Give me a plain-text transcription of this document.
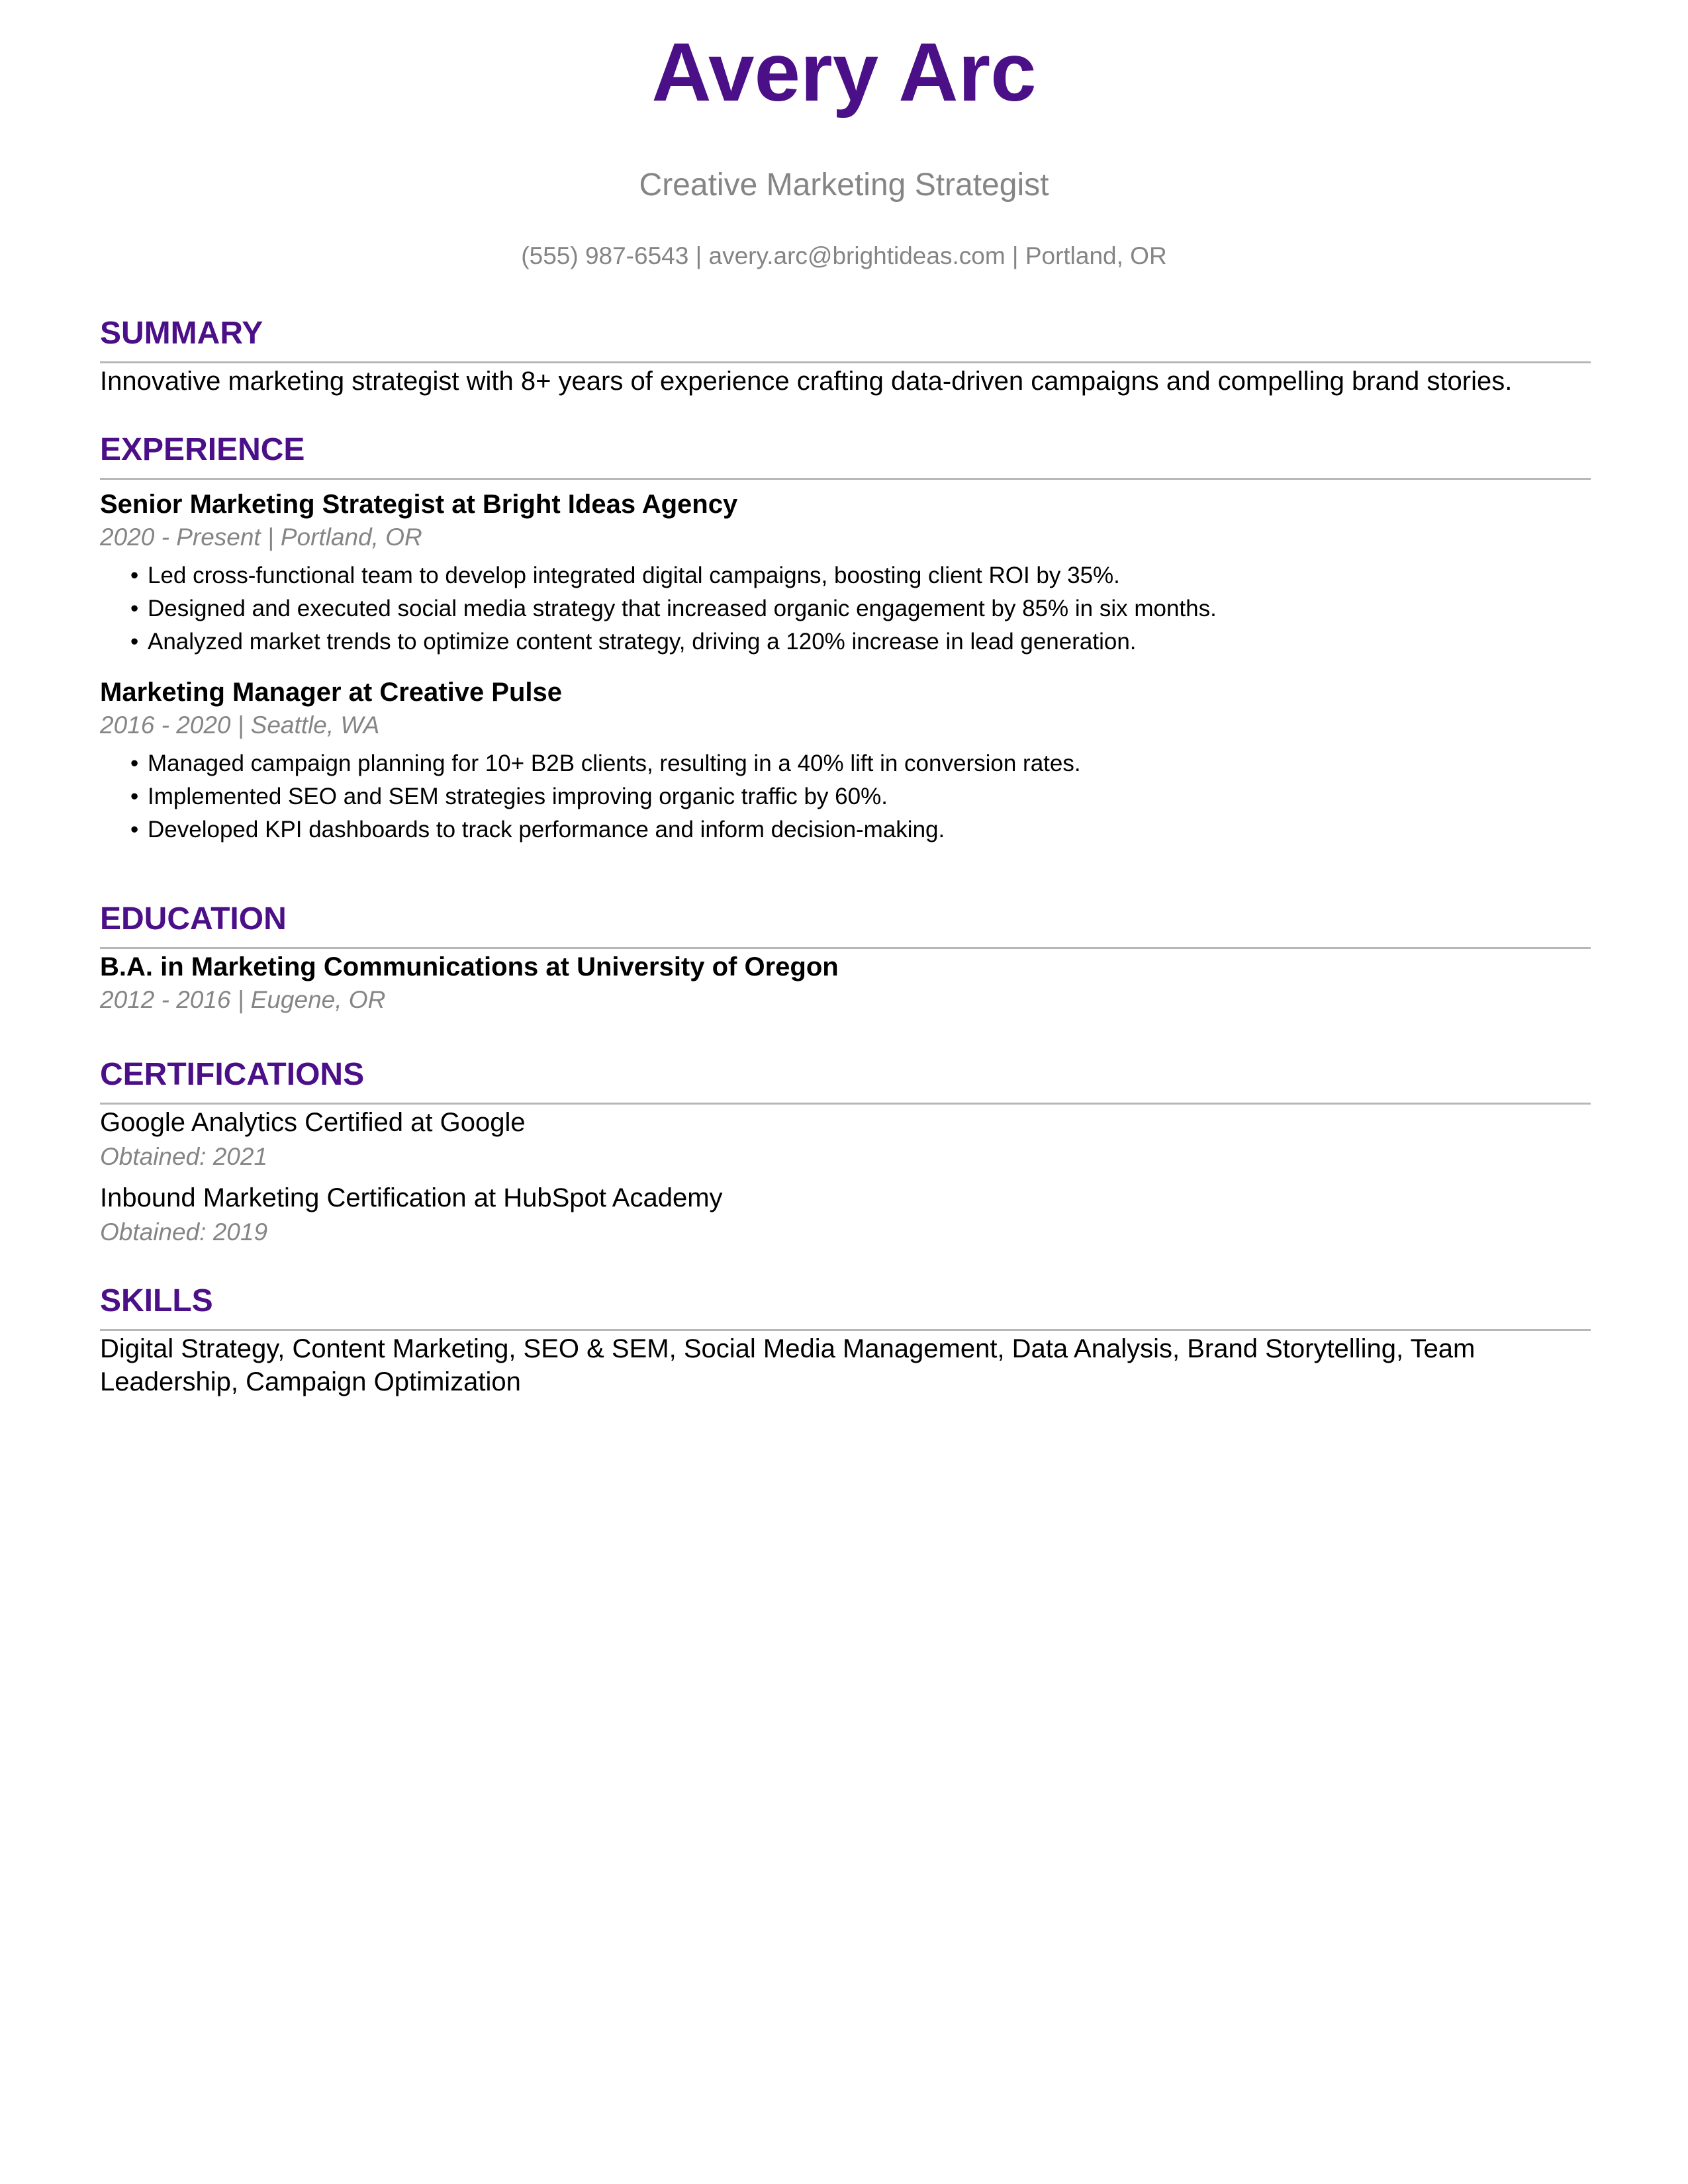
Avery Arc
Creative Marketing Strategist
(555) 987-6543 | avery.arc@brightideas.com | Portland, OR
SUMMARY
Innovative marketing strategist with 8+ years of experience crafting data-driven campaigns and compelling brand stories.
EXPERIENCE
Senior Marketing Strategist at Bright Ideas Agency
2020 - Present | Portland, OR
• Led cross-functional team to develop integrated digital campaigns, boosting client ROI by 35%.
• Designed and executed social media strategy that increased organic engagement by 85% in six months.
• Analyzed market trends to optimize content strategy, driving a 120% increase in lead generation.
Marketing Manager at Creative Pulse
2016 - 2020 | Seattle, WA
• Managed campaign planning for 10+ B2B clients, resulting in a 40% lift in conversion rates.
• Implemented SEO and SEM strategies improving organic traffic by 60%.
• Developed KPI dashboards to track performance and inform decision-making.
EDUCATION
B.A. in Marketing Communications at University of Oregon
2012 - 2016 | Eugene, OR
CERTIFICATIONS
Google Analytics Certified at Google
Obtained: 2021
Inbound Marketing Certification at HubSpot Academy
Obtained: 2019
SKILLS
Digital Strategy, Content Marketing, SEO & SEM, Social Media Management, Data Analysis, Brand Storytelling, Team Leadership, Campaign Optimization
